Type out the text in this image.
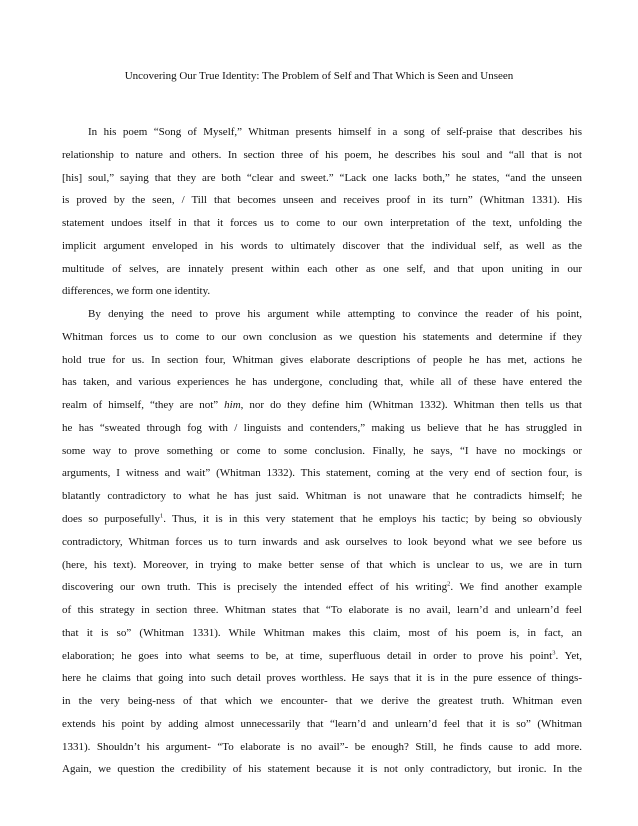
Uncovering Our True Identity: The Problem of Self and That Which is Seen and Unseen
In his poem “Song of Myself,” Whitman presents himself in a song of self-praise that describes his
relationship to nature and others. In section three of his poem, he describes his soul and “all that is not
[his] soul,” saying that they are both “clear and sweet.” “Lack one lacks both,” he states, “and the unseen
is proved by the seen, / Till that becomes unseen and receives proof in its turn” (Whitman 1331). His
statement undoes itself in that it forces us to come to our own interpretation of the text, unfolding the
implicit argument enveloped in his words to ultimately discover that the individual self, as well as the
multitude of selves, are innately present within each other as one self, and that upon uniting in our
differences, we form one identity.
By denying the need to prove his argument while attempting to convince the reader of his point,
Whitman forces us to come to our own conclusion as we question his statements and determine if they
hold true for us. In section four, Whitman gives elaborate descriptions of people he has met, actions he
has taken, and various experiences he has undergone, concluding that, while all of these have entered the
realm of himself, “they are not” him, nor do they define him (Whitman 1332). Whitman then tells us that
he has “sweated through fog with / linguists and contenders,” making us believe that he has struggled in
some way to prove something or come to some conclusion. Finally, he says, “I have no mockings or
arguments, I witness and wait” (Whitman 1332). This statement, coming at the very end of section four, is
blatantly contradictory to what he has just said. Whitman is not unaware that he contradicts himself; he
does so purposefully$^1$. Thus, it is in this very statement that he employs his tactic; by being so obviously
contradictory, Whitman forces us to turn inwards and ask ourselves to look beyond what we see before us
(here, his text). Moreover, in trying to make better sense of that which is unclear to us, we are in turn
discovering our own truth. This is precisely the intended effect of his writing$^2$. We find another example
of this strategy in section three. Whitman states that “To elaborate is no avail, learn’d and unlearn’d feel
that it is so” (Whitman 1331). While Whitman makes this claim, most of his poem is, in fact, an
elaboration; he goes into what seems to be, at time, superfluous detail in order to prove his point$^3$. Yet,
here he claims that going into such detail proves worthless. He says that it is in the pure essence of things-
in the very being-ness of that which we encounter- that we derive the greatest truth. Whitman even
extends his point by adding almost unnecessarily that “learn’d and unlearn’d feel that it is so” (Whitman
1331). Shouldn’t his argument- “To elaborate is no avail”- be enough? Still, he finds cause to add more.
Again, we question the credibility of his statement because it is not only contradictory, but ironic. In the
